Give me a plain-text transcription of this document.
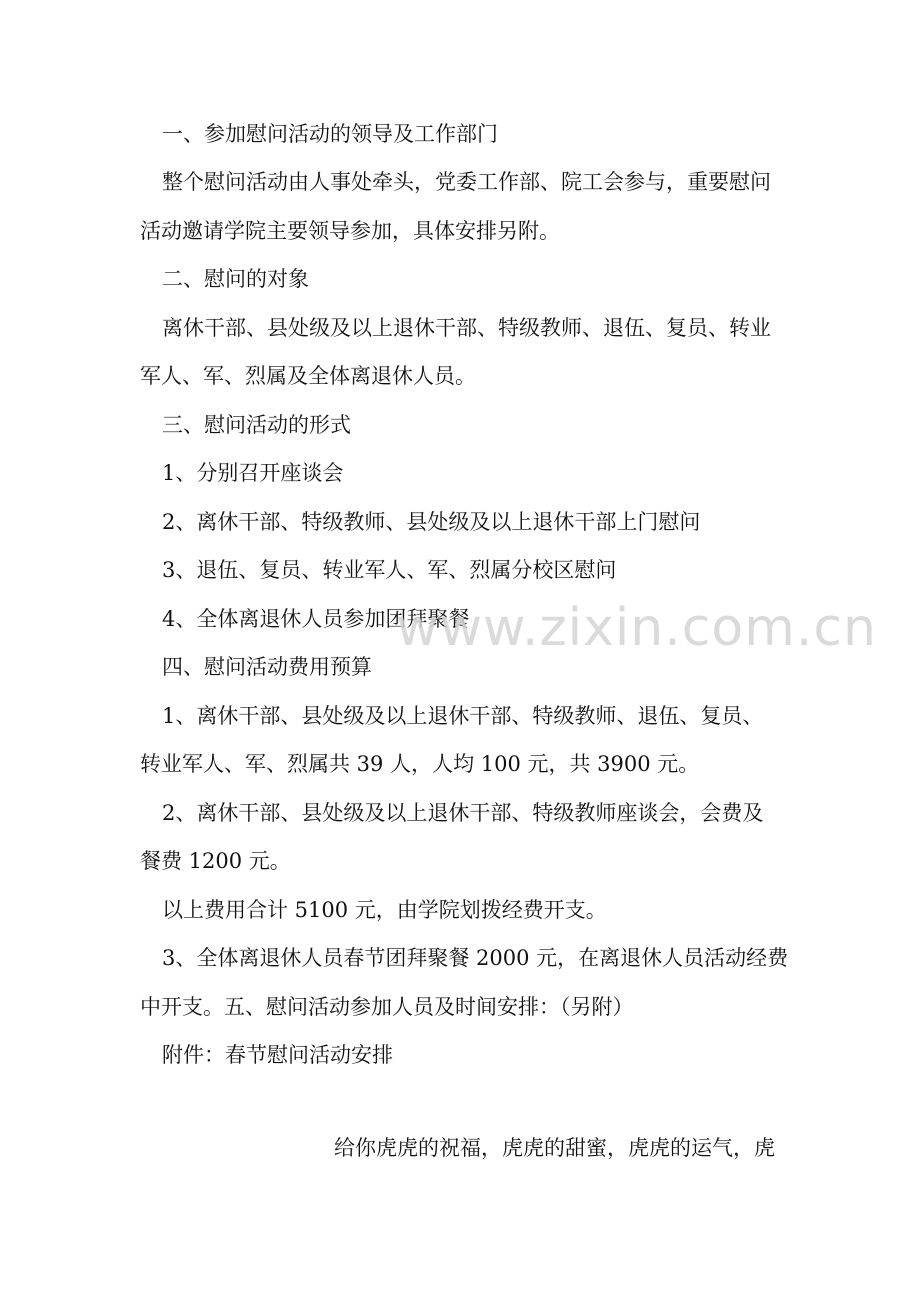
一、参加慰问活动的领导及工作部门
整个慰问活动由人事处牵头，党委工作部、院工会参与，重要慰问
活动邀请学院主要领导参加，具体安排另附。
二、慰问的对象
离休干部、县处级及以上退休干部、特级教师、退伍、复员、转业
军人、军、烈属及全体离退休人员。
三、慰问活动的形式
1、分别召开座谈会
2、离休干部、特级教师、县处级及以上退休干部上门慰问
3、退伍、复员、转业军人、军、烈属分校区慰问
4、全体离退休人员参加团拜聚餐
四、慰问活动费用预算
1、离休干部、县处级及以上退休干部、特级教师、退伍、复员、
转业军人、军、烈属共 39 人，人均 100 元，共 3900 元。
2、离休干部、县处级及以上退休干部、特级教师座谈会，会费及
餐费 1200 元。
以上费用合计 5100 元，由学院划拨经费开支。
3、全体离退休人员春节团拜聚餐 2000 元，在离退休人员活动经费
中开支。五、慰问活动参加人员及时间安排：（另附）
附件：春节慰问活动安排
www.zixin.com.cn
给你虎虎的祝福，虎虎的甜蜜，虎虎的运气，虎
